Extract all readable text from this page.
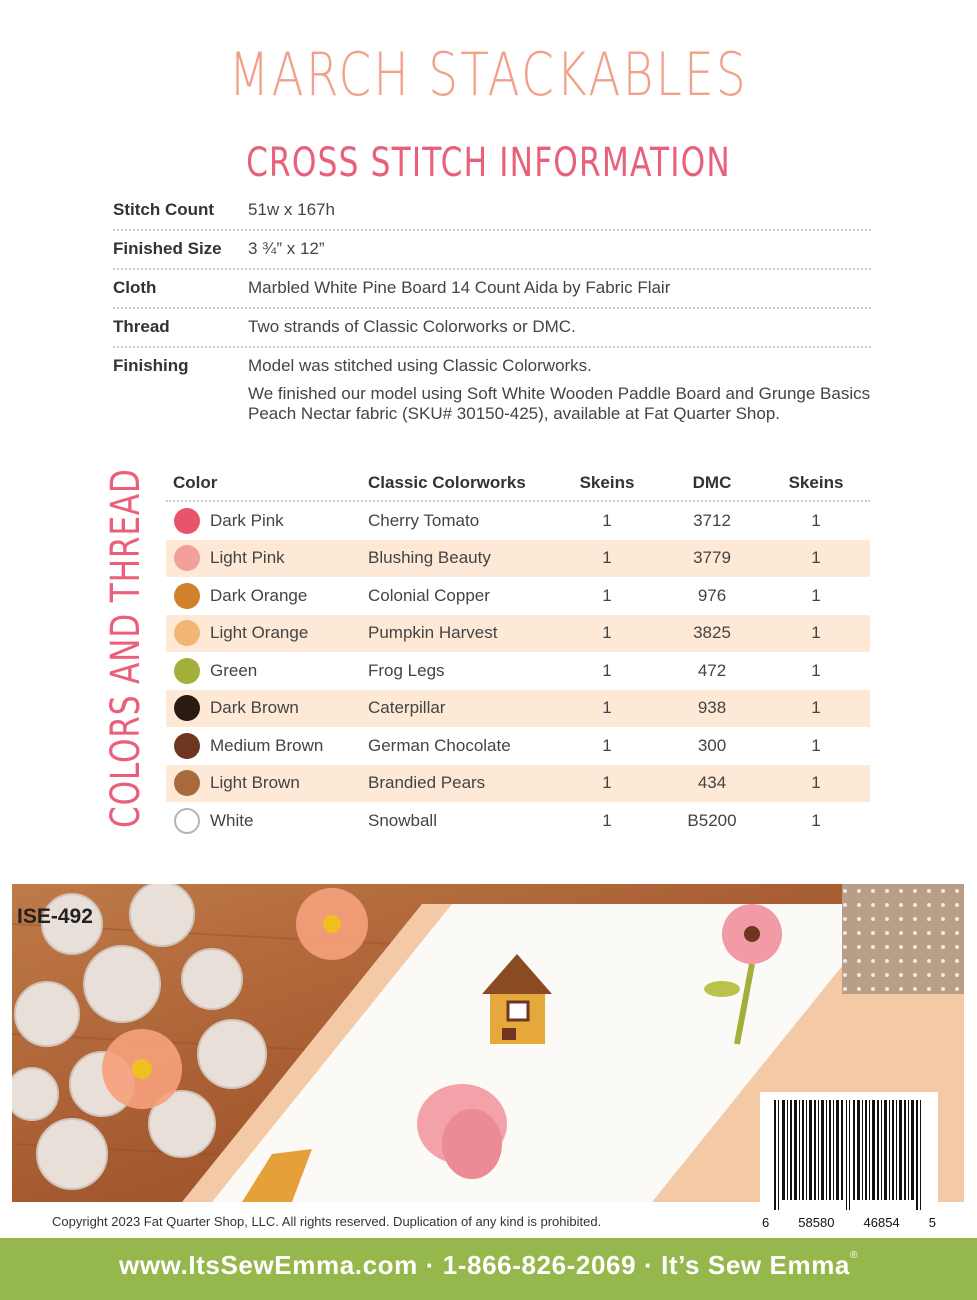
MARCH STACKABLES
CROSS STITCH INFORMATION
Stitch Count	51w x 167h
Finished Size	3 ¾” x 12”
Cloth	Marbled White Pine Board 14 Count Aida by Fabric Flair
Thread	Two strands of Classic Colorworks or DMC.
Finishing	Model was stitched using Classic Colorworks.

We finished our model using Soft White Wooden Paddle Board and Grunge Basics Peach Nectar fabric (SKU# 30150-425), available at Fat Quarter Shop.

COLORS AND THREAD	Color	Classic Colorworks	Skeins	DMC	Skeins
Dark Pink	Cherry Tomato	1	3712	1
Light Pink	Blushing Beauty	1	3779	1
Dark Orange	Colonial Copper	1	976	1
Light Orange	Pumpkin Harvest	1	3825	1
Green	Frog Legs	1	472	1
Dark Brown	Caterpillar	1	938	1
Medium Brown	German Chocolate	1	300	1
Light Brown	Brandied Pears	1	434	1
White	Snowball	1	B5200	1
ISE-492
6 58580 46854 5
Copyright 2023 Fat Quarter Shop, LLC. All rights reserved. Duplication of any kind is prohibited.
www.ItsSewEmma.com · 1-866-826-2069 · It’s Sew Emma®
